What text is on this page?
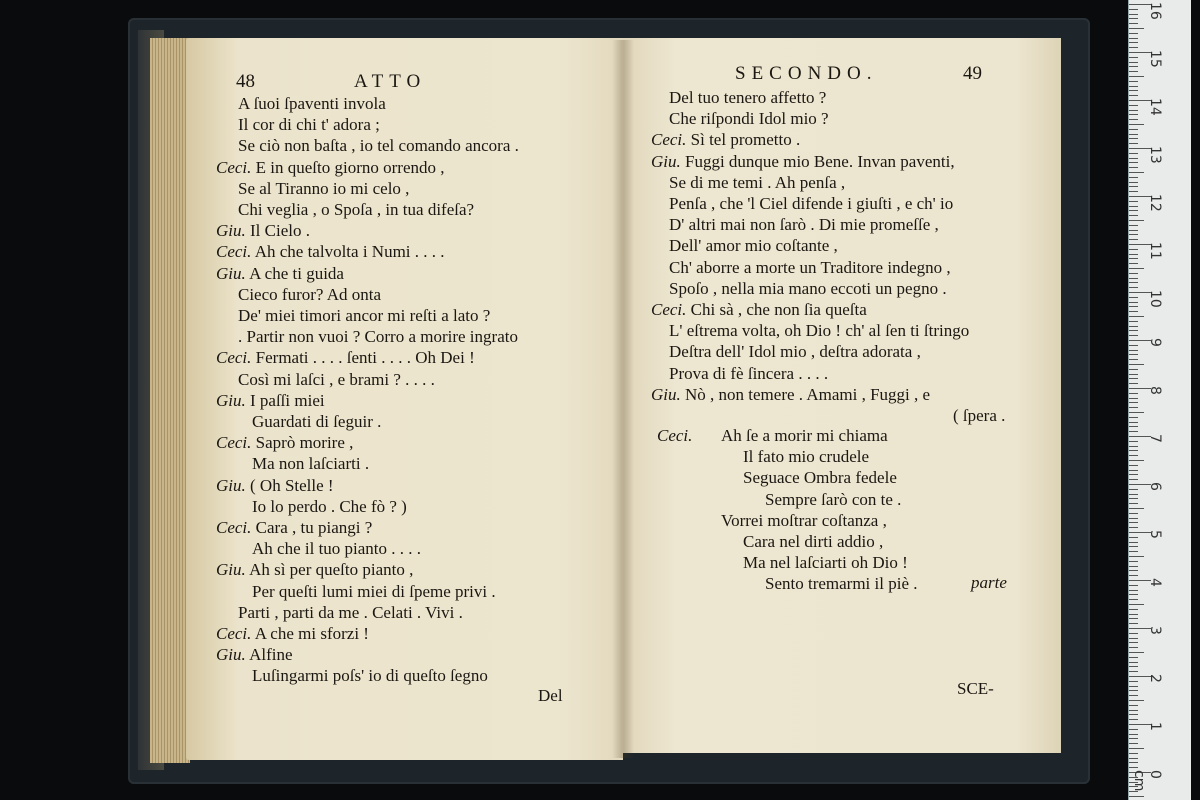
48	ATTO
A ſuoi ſpaventi invola
Il cor di chi t' adora ;
Se ciò non baſta , io tel comando ancora .
Ceci. E in queſto giorno orrendo ,
Se al Tiranno io mi celo ,
Chi veglia , o Spoſa , in tua difeſa?
Giu. Il Cielo .
Ceci. Ah che talvolta i Numi . . . .
Giu. A che ti guida
Cieco furor? Ad onta
De' miei timori ancor mi reſti a lato ?
. Partir non vuoi ? Corro a morire ingrato
Ceci. Fermati . . . . ſenti . . . . Oh Dei !
Così mi laſci , e brami ? . . . .
Giu. I paſſi miei
Guardati di ſeguir .
Ceci. Saprò morire ,
Ma non laſciarti .
Giu. ( Oh Stelle !
Io lo perdo . Che fò ? )
Ceci. Cara , tu piangi ?
Ah che il tuo pianto . . . .
Giu. Ah sì per queſto pianto ,
Per queſti lumi miei di ſpeme privi .
Parti , parti da me . Celati . Vivi .
Ceci. A che mi sforzi !
Giu. Alfine
Luſingarmi poſs' io di queſto ſegno
Del
SECONDO.	49
Del tuo tenero affetto ?
Che riſpondi Idol mio ?
Ceci. Sì tel prometto .
Giu. Fuggi dunque mio Bene. Invan paventi,
Se di me temi . Ah penſa ,
Penſa , che 'l Ciel difende i giuſti , e ch' io
D' altri mai non ſarò . Di mie promeſſe ,
Dell' amor mio coſtante ,
Ch' aborre a morte un Traditore indegno ,
Spoſo , nella mia mano eccoti un pegno .
Ceci. Chi sà , che non ſia queſta
L' eſtrema volta, oh Dio ! ch' al ſen ti ſtringo
Deſtra dell' Idol mio , deſtra adorata ,
Prova di fè ſincera . . . .
Giu. Nò , non temere . Amami , Fuggi , e
( ſpera .
Ceci. Ah ſe a morir mi chiama
Il fato mio crudele
Seguace Ombra fedele
Sempre ſarò con te .
Vorrei moſtrar coſtanza ,
Cara nel dirti addio ,
Ma nel laſciarti oh Dio !
Sento tremarmi il piè .	parte
SCE-
16
15
14
13
12
11
10
9
8
7
6
5
4
3
2
1
0 cm
